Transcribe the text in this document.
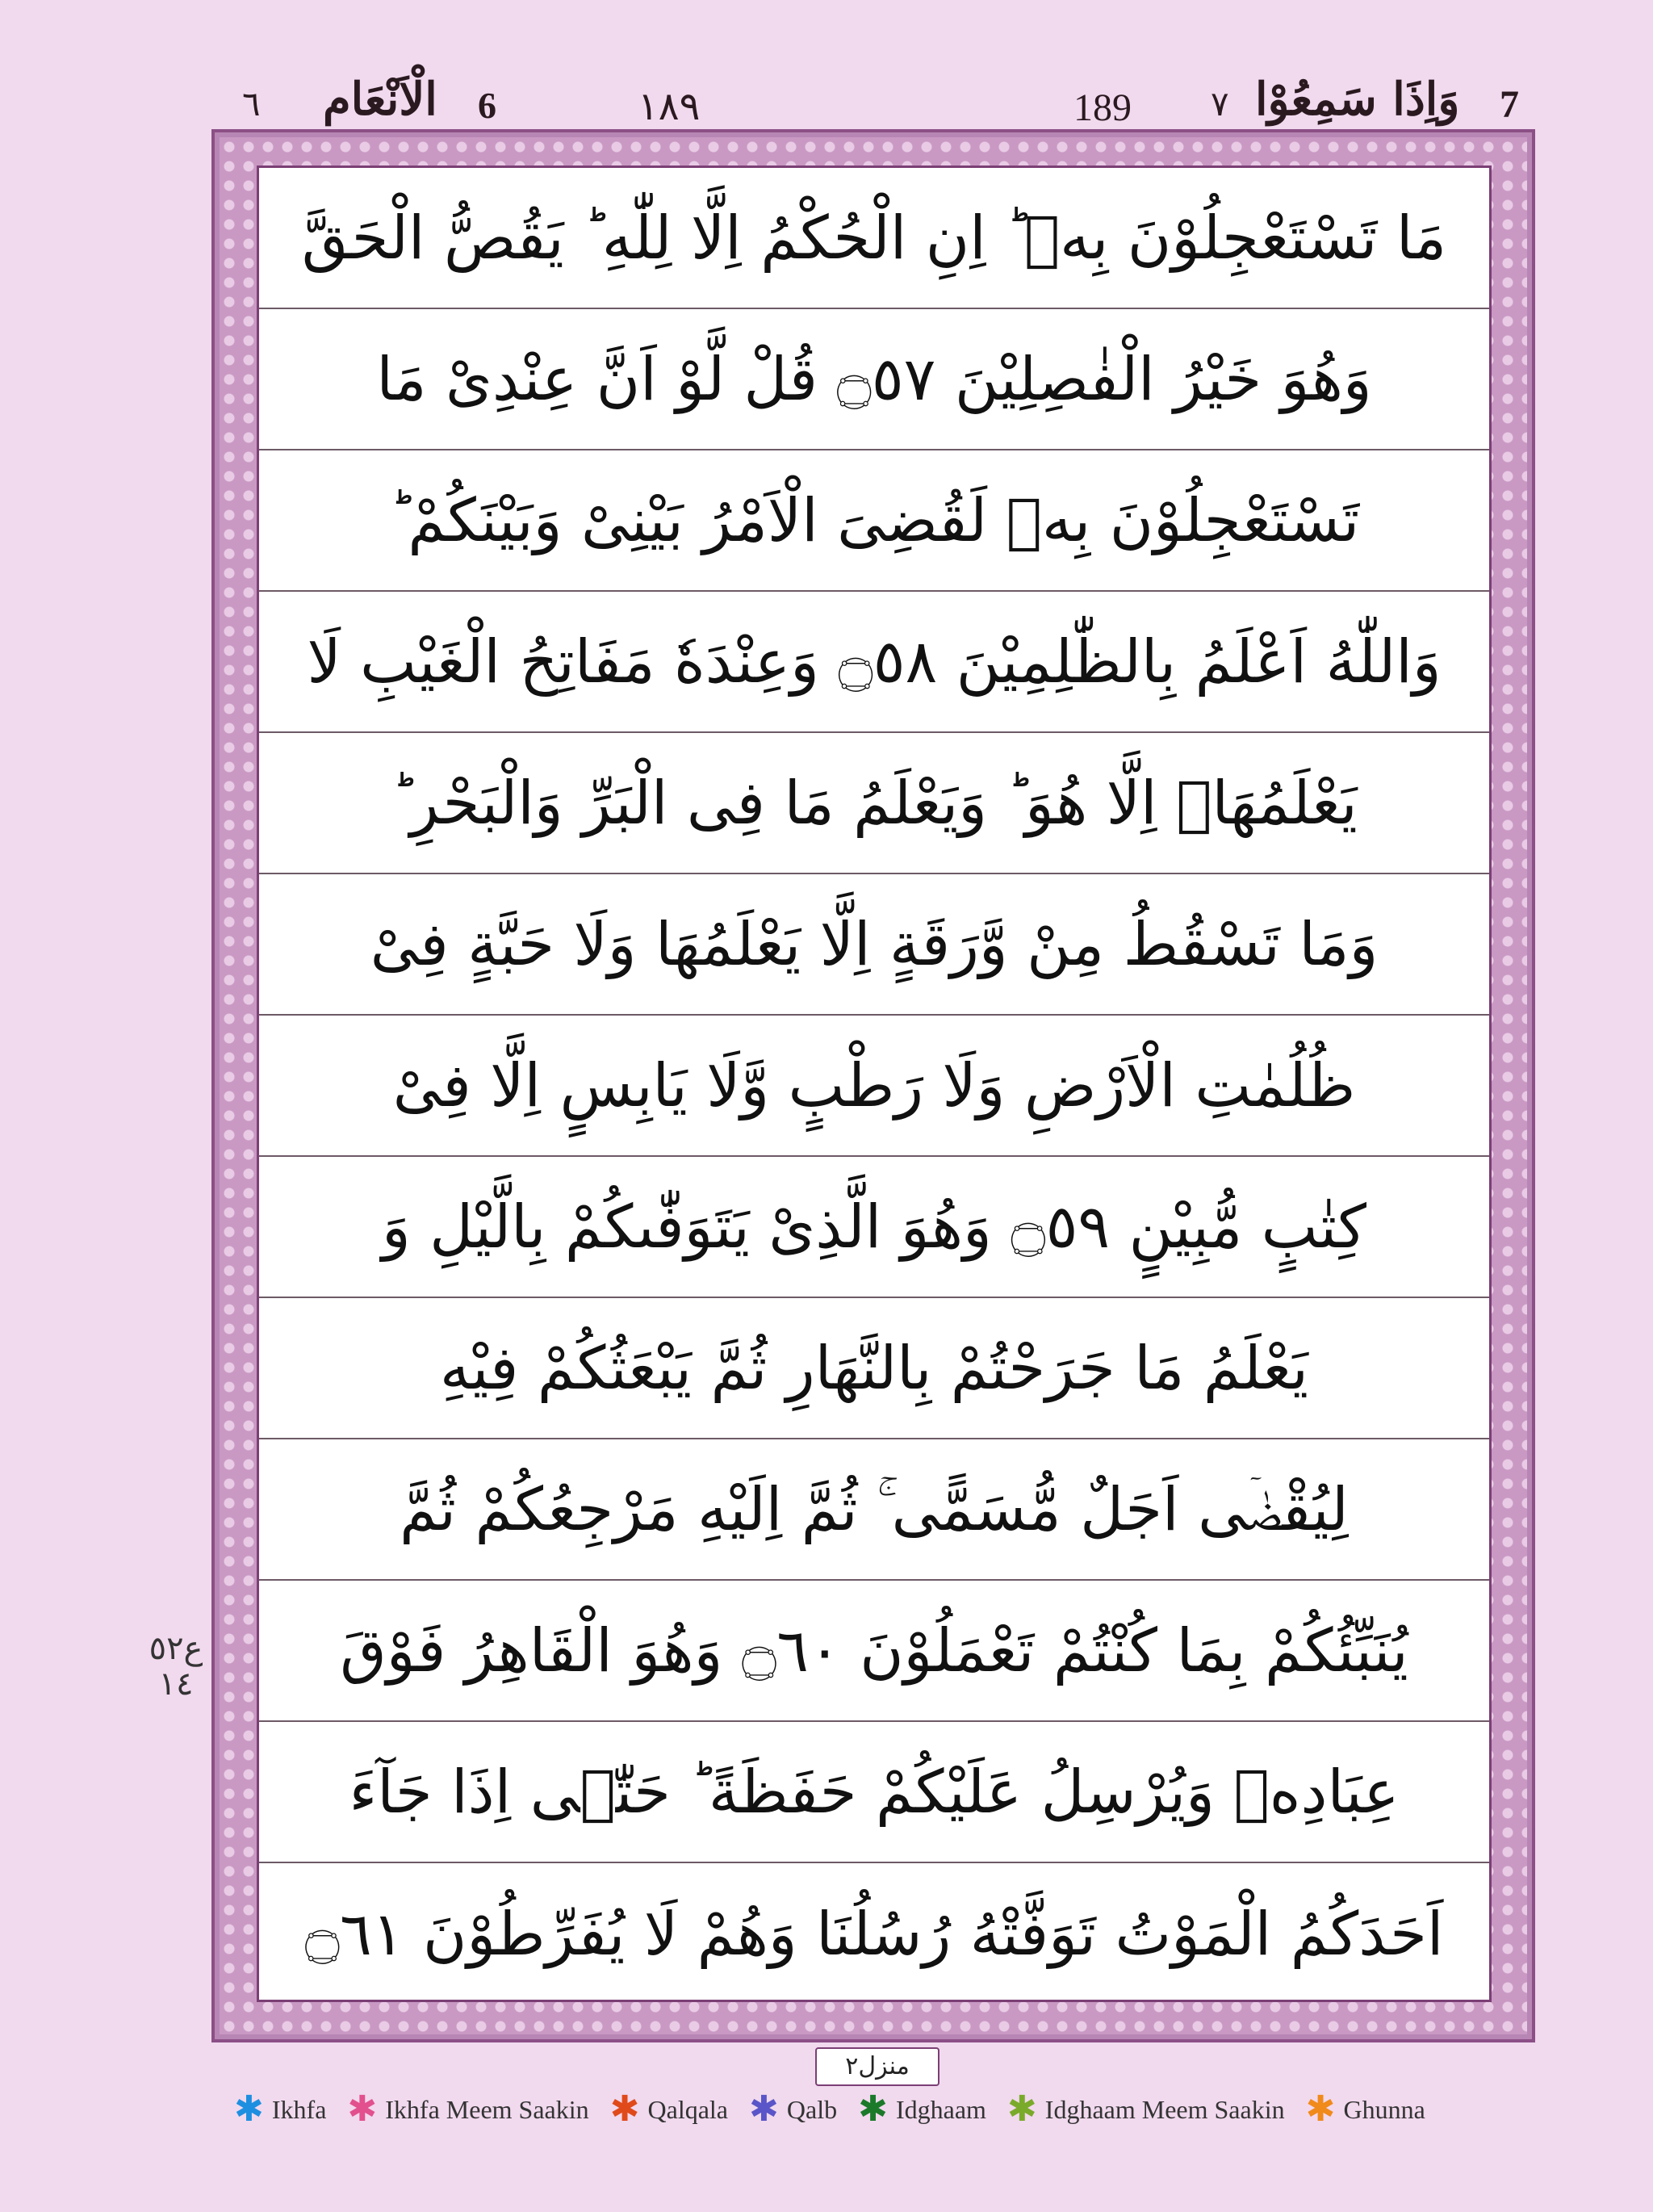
7
وَاِذَا سَمِعُوْا
٧
189
١٨٩
6
الْاَنْعَام
٦
مَا تَسْتَعْجِلُوْنَ بِهٖ ؕ اِنِ الْحُكْمُ اِلَّا لِلّٰهِ ؕ يَقُصُّ الْحَقَّ
وَهُوَ خَيْرُ الْفٰصِلِيْنَ ۝٥٧ قُلْ لَّوْ اَنَّ عِنْدِیْ مَا
تَسْتَعْجِلُوْنَ بِهٖ لَقُضِىَ الْاَمْرُ بَيْنِیْ وَبَيْنَكُمْ ؕ
وَاللّٰهُ اَعْلَمُ بِالظّٰلِمِيْنَ ۝٥٨ وَعِنْدَهٗ مَفَاتِحُ الْغَيْبِ لَا
يَعْلَمُهَاۤ اِلَّا هُوَ ؕ وَيَعْلَمُ مَا فِى الْبَرِّ وَالْبَحْرِ ؕ
وَمَا تَسْقُطُ مِنْ وَّرَقَةٍ اِلَّا يَعْلَمُهَا وَلَا حَبَّةٍ فِیْ
ظُلُمٰتِ الْاَرْضِ وَلَا رَطْبٍ وَّلَا يَابِسٍ اِلَّا فِیْ
كِتٰبٍ مُّبِيْنٍ ۝٥٩ وَهُوَ الَّذِیْ يَتَوَفّٰىكُمْ بِالَّيْلِ وَ
يَعْلَمُ مَا جَرَحْتُمْ بِالنَّهَارِ ثُمَّ يَبْعَثُكُمْ فِيْهِ
لِيُقْضٰۤى اَجَلٌ مُّسَمًّى ۚ ثُمَّ اِلَيْهِ مَرْجِعُكُمْ ثُمَّ
يُنَبِّئُكُمْ بِمَا كُنْتُمْ تَعْمَلُوْنَ ۝٦٠ وَهُوَ الْقَاهِرُ فَوْقَ
عِبَادِهٖ وَيُرْسِلُ عَلَيْكُمْ حَفَظَةً ؕ حَتّٰۤى اِذَا جَآءَ
اَحَدَكُمُ الْمَوْتُ تَوَفَّتْهُ رُسُلُنَا وَهُمْ لَا يُفَرِّطُوْنَ ۝٦١
ع٥٢
١٤
منزل٢
✱ Ikhfa ✱ Ikhfa Meem Saakin ✱ Qalqala ✱ Qalb ✱ Idghaam ✱ Idghaam Meem Saakin ✱ Ghunna
